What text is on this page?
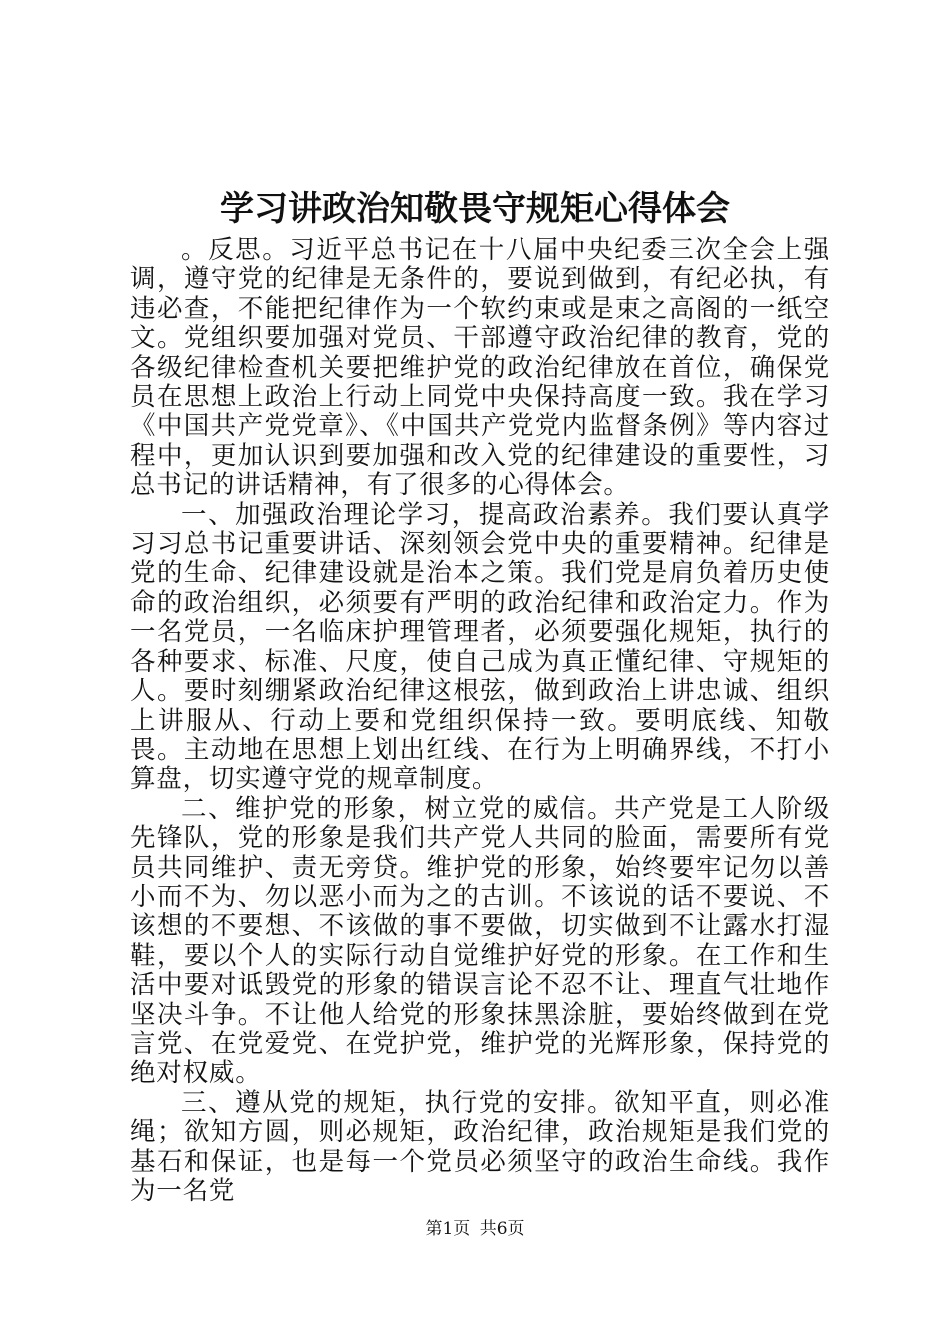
学习讲政治知敬畏守规矩心得体会

。反思。习近平总书记在十八届中央纪委三次全会上强调，遵守党的纪律是无条件的，要说到做到，有纪必执，有违必查，不能把纪律作为一个软约束或是束之高阁的一纸空文。党组织要加强对党员、干部遵守政治纪律的教育，党的各级纪律检查机关要把维护党的政治纪律放在首位，确保党员在思想上政治上行动上同党中央保持高度一致。我在学习《中国共产党党章》、《中国共产党党内监督条例》等内容过程中，更加认识到要加强和改入党的纪律建设的重要性，习总书记的讲话精神，有了很多的心得体会。

一、加强政治理论学习，提高政治素养。我们要认真学习习总书记重要讲话、深刻领会党中央的重要精神。纪律是党的生命、纪律建设就是治本之策。我们党是肩负着历史使命的政治组织，必须要有严明的政治纪律和政治定力。作为一名党员，一名临床护理管理者，必须要强化规矩，执行的各种要求、标准、尺度，使自己成为真正懂纪律、守规矩的人。要时刻绷紧政治纪律这根弦，做到政治上讲忠诚、组织上讲服从、行动上要和党组织保持一致。要明底线、知敬畏。主动地在思想上划出红线、在行为上明确界线，不打小算盘，切实遵守党的规章制度。

二、维护党的形象，树立党的威信。共产党是工人阶级先锋队，党的形象是我们共产党人共同的脸面，需要所有党员共同维护、责无旁贷。维护党的形象，始终要牢记勿以善小而不为、勿以恶小而为之的古训。不该说的话不要说、不该想的不要想、不该做的事不要做，切实做到不让露水打湿鞋，要以个人的实际行动自觉维护好党的形象。在工作和生活中要对诋毁党的形象的错误言论不忍不让、理直气壮地作坚决斗争。不让他人给党的形象抹黑涂脏，要始终做到在党言党、在党爱党、在党护党，维护党的光辉形象，保持党的绝对权威。

三、遵从党的规矩，执行党的安排。欲知平直，则必准绳；欲知方圆，则必规矩，政治纪律，政治规矩是我们党的基石和保证，也是每一个党员必须坚守的政治生命线。我作为一名党

第1页 共6页
